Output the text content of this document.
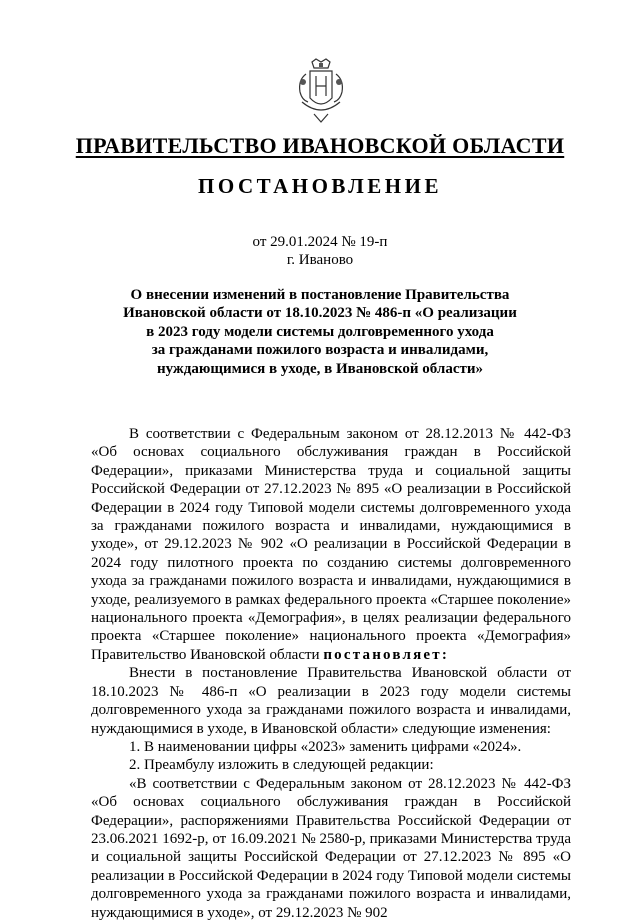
ПРАВИТЕЛЬСТВО ИВАНОВСКОЙ ОБЛАСТИ
ПОСТАНОВЛЕНИЕ
от 29.01.2024 № 19-п
г. Иваново
О внесении изменений в постановление Правительства
Ивановской области от 18.10.2023 № 486-п «О реализации
в 2023 году модели системы долговременного ухода
за гражданами пожилого возраста и инвалидами,
нуждающимися в уходе, в Ивановской области»

В соответствии с Федеральным законом от 28.12.2013 № 442-ФЗ «Об основах социального обслуживания граждан в Российской Федерации», приказами Министерства труда и социальной защиты Российской Федерации от 27.12.2023 № 895 «О реализации в Российской Федерации в 2024 году Типовой модели системы долговременного ухода за гражданами пожилого возраста и инвалидами, нуждающимися в уходе», от 29.12.2023 № 902 «О реализации в Российской Федерации в 2024 году пилотного проекта по созданию системы долговременного ухода за гражданами пожилого возраста и инвалидами, нуждающимися в уходе, реализуемого в рамках федерального проекта «Старшее поколение» национального проекта «Демография», в целях реализации федерального проекта «Старшее поколение» национального проекта «Демография» Правительство Ивановской области постановляет:

Внести в постановление Правительства Ивановской области от 18.10.2023 № 486-п «О реализации в 2023 году модели системы долговременного ухода за гражданами пожилого возраста и инвалидами, нуждающимися в уходе, в Ивановской области» следующие изменения:

1. В наименовании цифры «2023» заменить цифрами «2024».

2. Преамбулу изложить в следующей редакции:

«В соответствии с Федеральным законом от 28.12.2023 № 442-ФЗ «Об основах социального обслуживания граждан в Российской Федерации», распоряжениями Правительства Российской Федерации от 23.06.2021 1692-р, от 16.09.2021 № 2580-р, приказами Министерства труда и социальной защиты Российской Федерации от 27.12.2023 № 895 «О реализации в Российской Федерации в 2024 году Типовой модели системы долговременного ухода за гражданами пожилого возраста и инвалидами, нуждающимися в уходе», от 29.12.2023 № 902
